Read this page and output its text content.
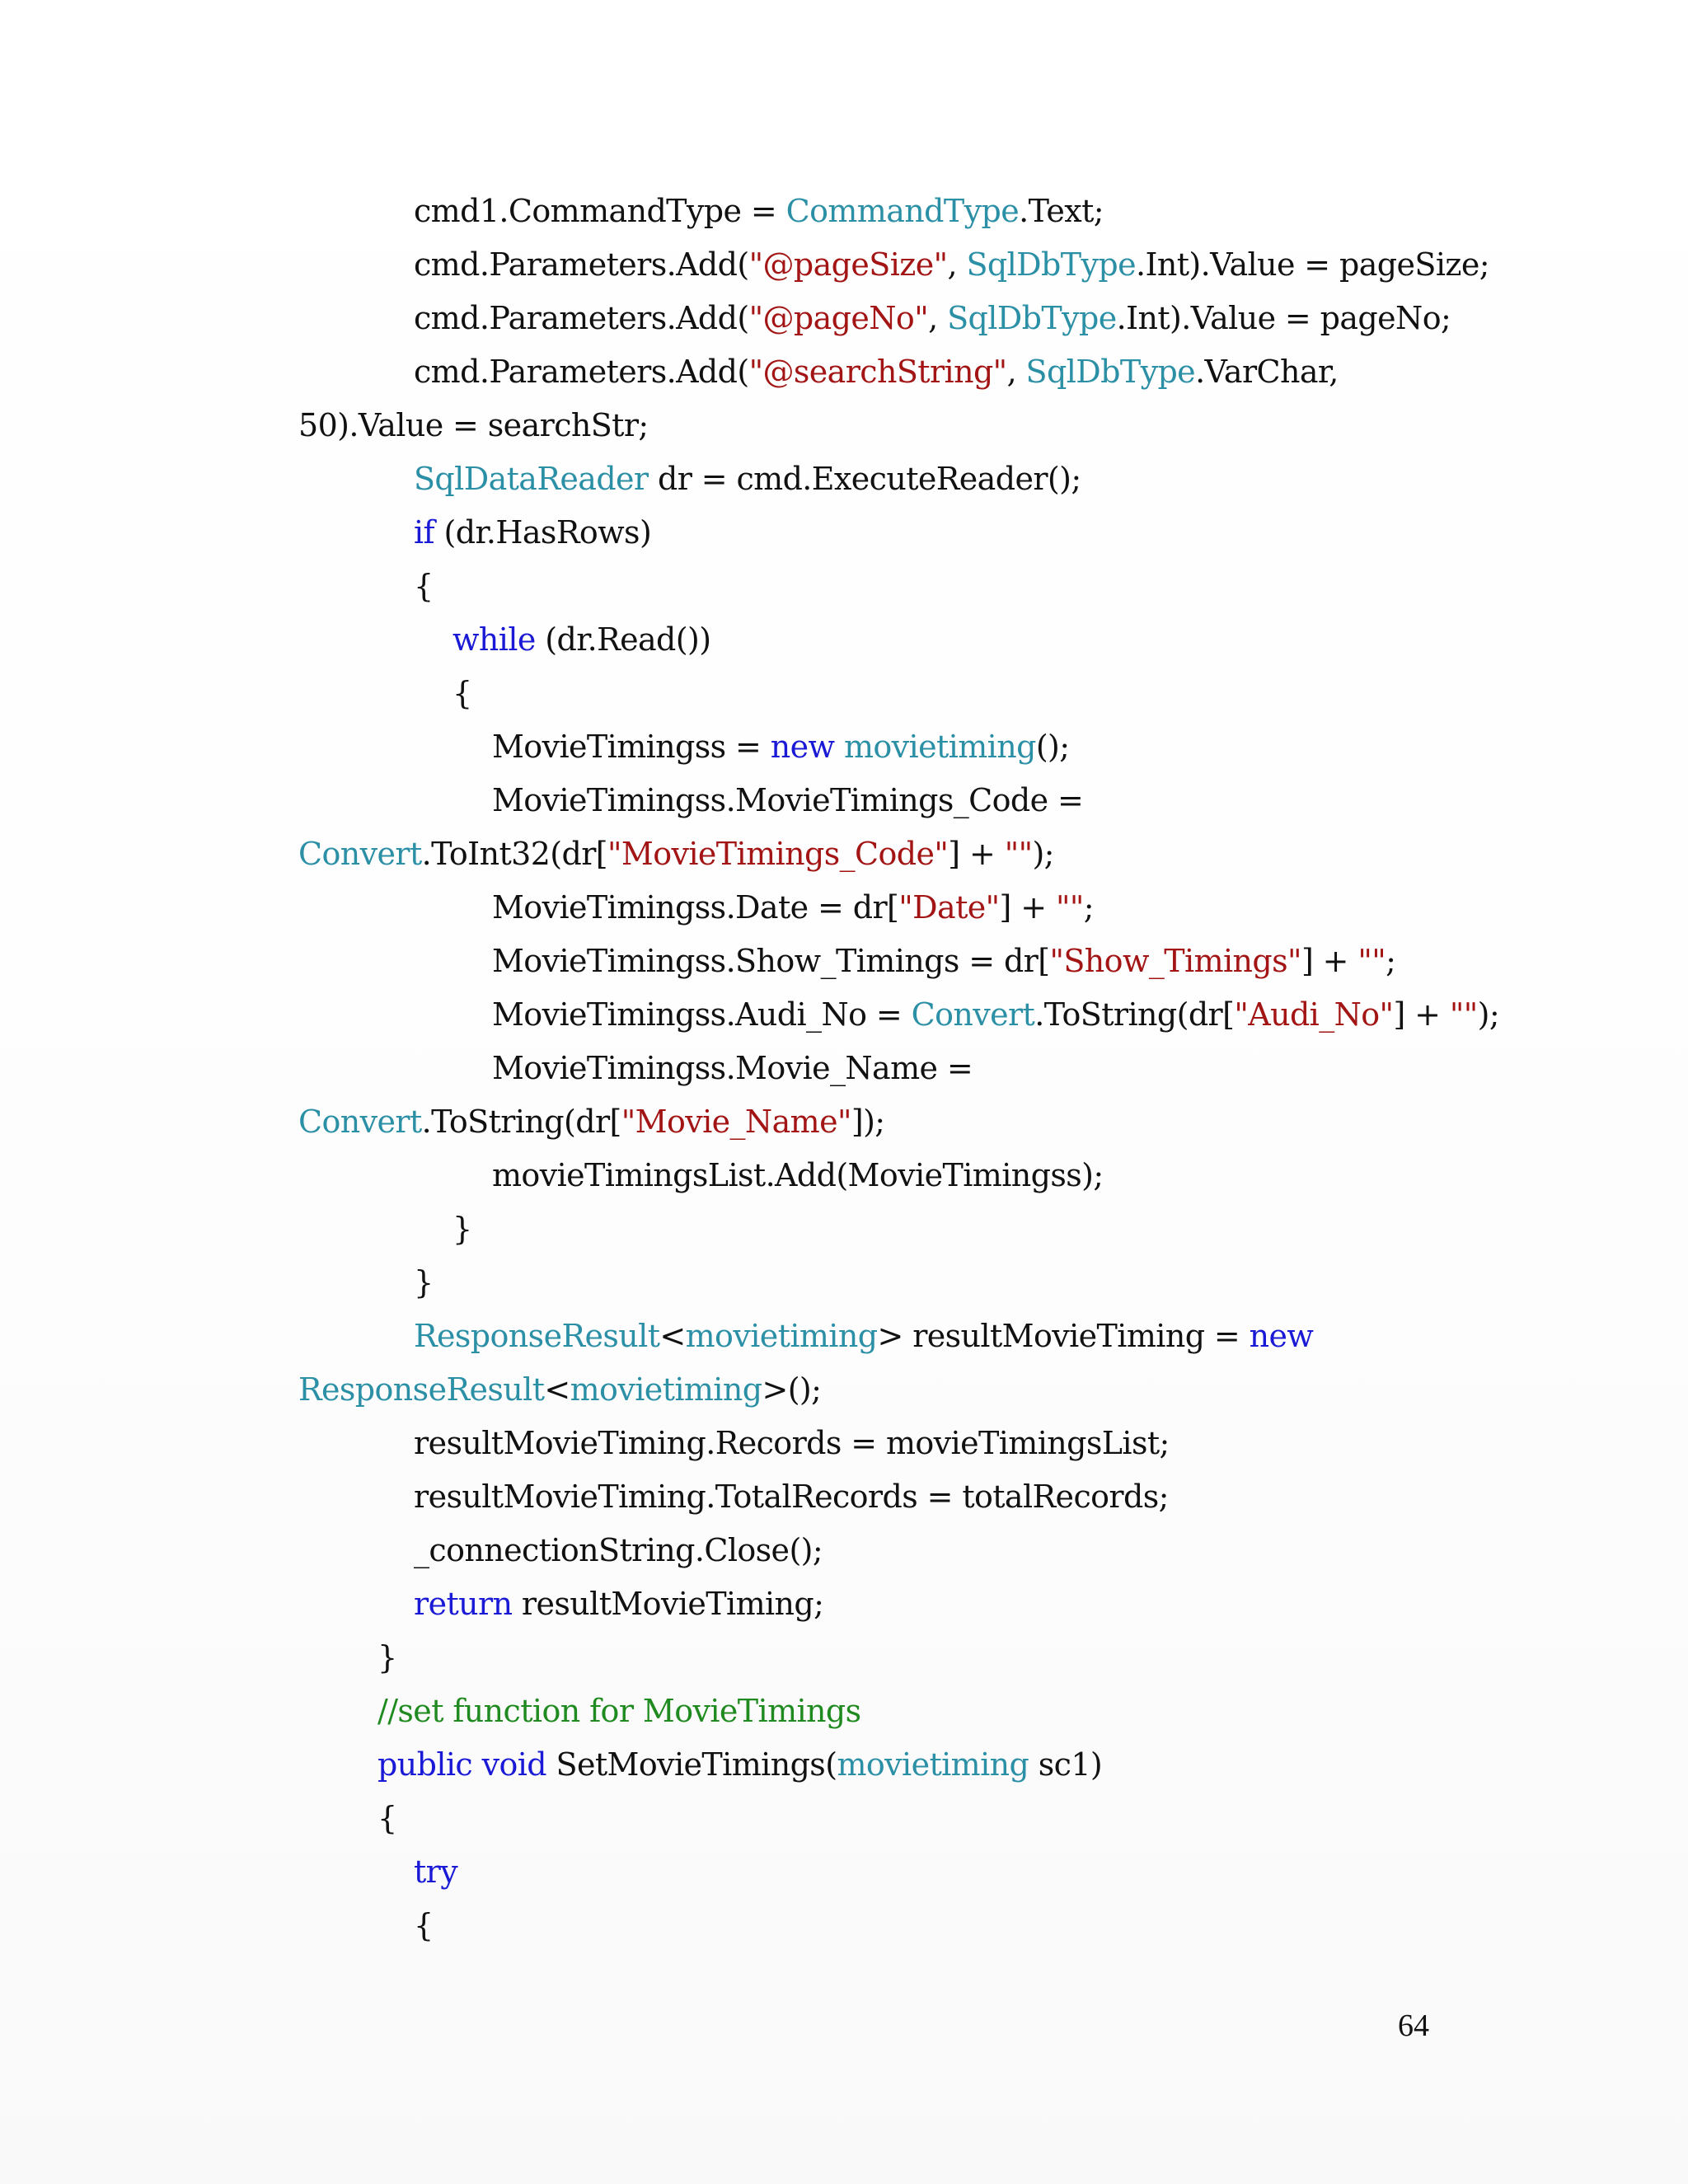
cmd1.CommandType = CommandType.Text;
cmd.Parameters.Add("@pageSize", SqlDbType.Int).Value = pageSize;
cmd.Parameters.Add("@pageNo", SqlDbType.Int).Value = pageNo;
cmd.Parameters.Add("@searchString", SqlDbType.VarChar,
50).Value = searchStr;
SqlDataReader dr = cmd.ExecuteReader();
if (dr.HasRows)
{
while (dr.Read())
{
MovieTimingss = new movietiming();
MovieTimingss.MovieTimings_Code =
Convert.ToInt32(dr["MovieTimings_Code"] + "");
MovieTimingss.Date = dr["Date"] + "";
MovieTimingss.Show_Timings = dr["Show_Timings"] + "";
MovieTimingss.Audi_No = Convert.ToString(dr["Audi_No"] + "");
MovieTimingss.Movie_Name =
Convert.ToString(dr["Movie_Name"]);
movieTimingsList.Add(MovieTimingss);
}
}
ResponseResult<movietiming> resultMovieTiming = new
ResponseResult<movietiming>();
resultMovieTiming.Records = movieTimingsList;
resultMovieTiming.TotalRecords = totalRecords;
_connectionString.Close();
return resultMovieTiming;
}
//set function for MovieTimings
public void SetMovieTimings(movietiming sc1)
{
try
{
64
